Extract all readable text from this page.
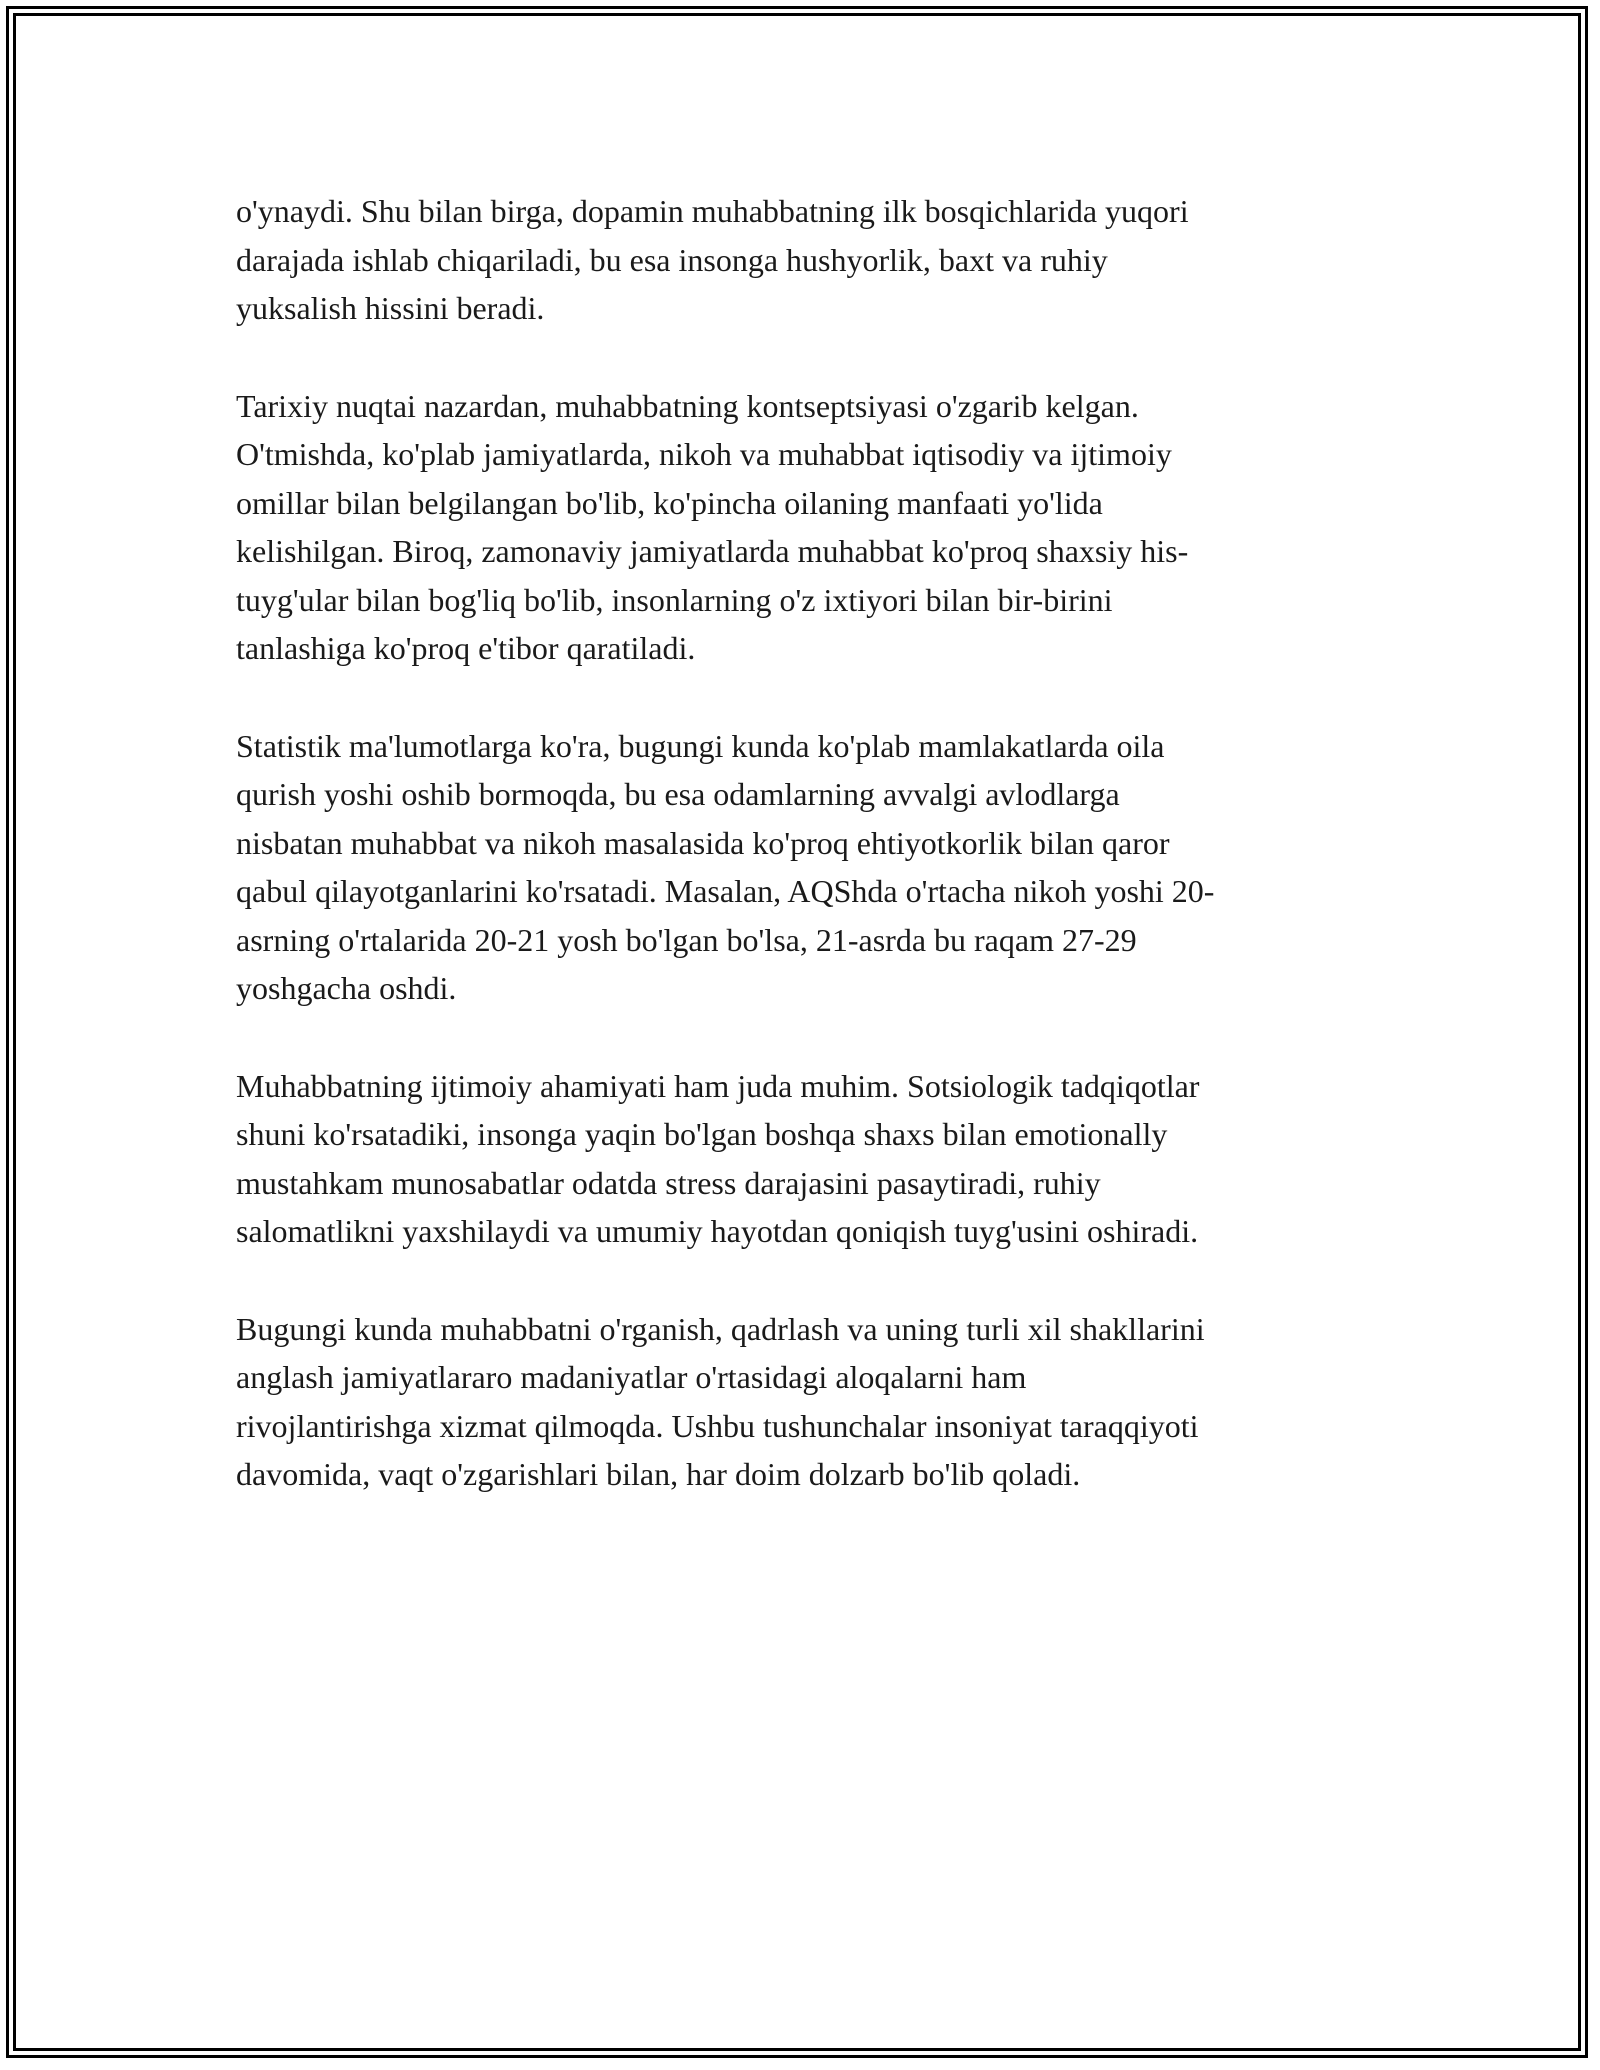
o'ynaydi. Shu bilan birga, dopamin muhabbatning ilk bosqichlarida yuqori
darajada ishlab chiqariladi, bu esa insonga hushyorlik, baxt va ruhiy
yuksalish hissini beradi.

Tarixiy nuqtai nazardan, muhabbatning kontseptsiyasi o'zgarib kelgan.
O'tmishda, ko'plab jamiyatlarda, nikoh va muhabbat iqtisodiy va ijtimoiy
omillar bilan belgilangan bo'lib, ko'pincha oilaning manfaati yo'lida
kelishilgan. Biroq, zamonaviy jamiyatlarda muhabbat ko'proq shaxsiy his-
tuyg'ular bilan bog'liq bo'lib, insonlarning o'z ixtiyori bilan bir-birini
tanlashiga ko'proq e'tibor qaratiladi.

Statistik ma'lumotlarga ko'ra, bugungi kunda ko'plab mamlakatlarda oila
qurish yoshi oshib bormoqda, bu esa odamlarning avvalgi avlodlarga
nisbatan muhabbat va nikoh masalasida ko'proq ehtiyotkorlik bilan qaror
qabul qilayotganlarini ko'rsatadi. Masalan, AQShda o'rtacha nikoh yoshi 20-
asrning o'rtalarida 20-21 yosh bo'lgan bo'lsa, 21-asrda bu raqam 27-29
yoshgacha oshdi.

Muhabbatning ijtimoiy ahamiyati ham juda muhim. Sotsiologik tadqiqotlar
shuni ko'rsatadiki, insonga yaqin bo'lgan boshqa shaxs bilan emotionally
mustahkam munosabatlar odatda stress darajasini pasaytiradi, ruhiy
salomatlikni yaxshilaydi va umumiy hayotdan qoniqish tuyg'usini oshiradi.

Bugungi kunda muhabbatni o'rganish, qadrlash va uning turli xil shakllarini
anglash jamiyatlararo madaniyatlar o'rtasidagi aloqalarni ham
rivojlantirishga xizmat qilmoqda. Ushbu tushunchalar insoniyat taraqqiyoti
davomida, vaqt o'zgarishlari bilan, har doim dolzarb bo'lib qoladi.
